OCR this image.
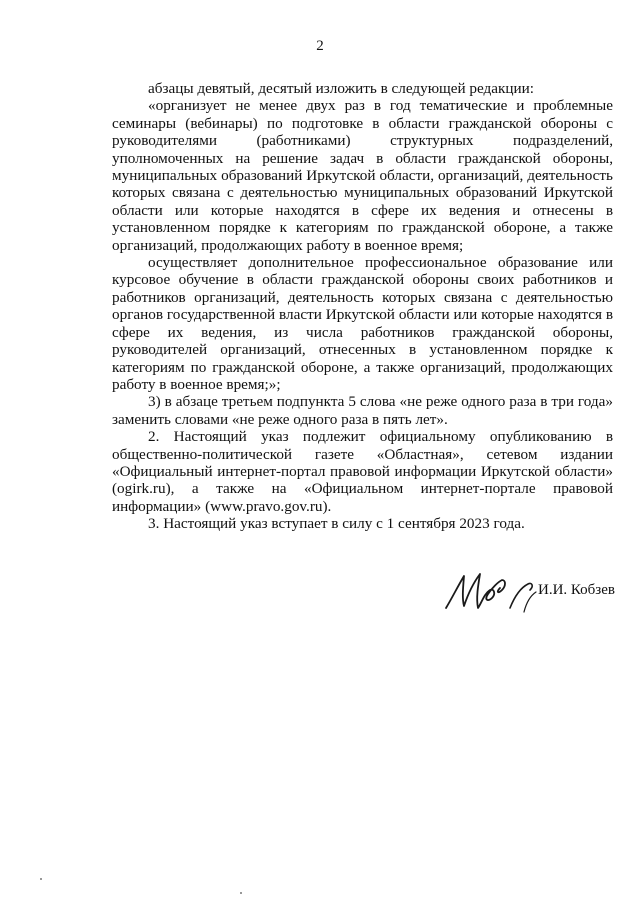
2

абзацы девятый, десятый изложить в следующей редакции:

«организует не менее двух раз в год тематические и проблемные семинары (вебинары) по подготовке в области гражданской обороны с руководителями (работниками) структурных подразделений, уполномоченных на решение задач в области гражданской обороны, муниципальных образований Иркутской области, организаций, деятельность которых связана с деятельностью муниципальных образований Иркутской области или которые находятся в сфере их ведения и отнесены в установленном порядке к категориям по гражданской обороне, а также организаций, продолжающих работу в военное время;

осуществляет дополнительное профессиональное образование или курсовое обучение в области гражданской обороны своих работников и работников организаций, деятельность которых связана с деятельностью органов государственной власти Иркутской области или которые находятся в сфере их ведения, из числа работников гражданской обороны, руководителей организаций, отнесенных в установленном порядке к категориям по гражданской обороне, а также организаций, продолжающих работу в военное время;»;

3) в абзаце третьем подпункта 5 слова «не реже одного раза в три года» заменить словами «не реже одного раза в пять лет».

2. Настоящий указ подлежит официальному опубликованию в общественно-политической газете «Областная», сетевом издании «Официальный интернет-портал правовой информации Иркутской области» (ogirk.ru), а также на «Официальном интернет-портале правовой информации» (www.pravo.gov.ru).

3. Настоящий указ вступает в силу с 1 сентября 2023 года.

И.И. Кобзев
